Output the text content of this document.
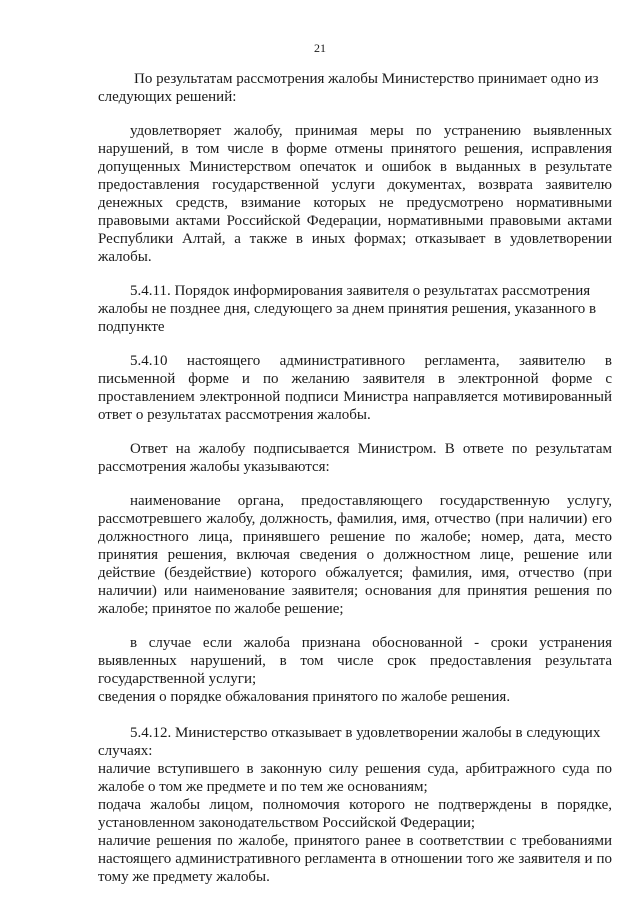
21

По результатам рассмотрения жалобы Министерство принимает одно из следующих решений:

удовлетворяет жалобу, принимая меры по устранению выявленных нарушений, в том числе в форме отмены принятого решения, исправления допущенных Министерством опечаток и ошибок в выданных в результате предоставления государственной услуги документах, возврата заявителю денежных средств, взимание которых не предусмотрено нормативными правовыми актами Российской Федерации, нормативными правовыми актами Республики Алтай, а также в иных формах; отказывает в удовлетворении жалобы.

5.4.11. Порядок информирования заявителя о результатах рассмотрения жалобы не позднее дня, следующего за днем принятия решения, указанного в подпункте

5.4.10 настоящего административного регламента, заявителю в письменной форме и по желанию заявителя в электронной форме с проставлением электронной подписи Министра направляется мотивированный ответ о результатах рассмотрения жалобы.

Ответ на жалобу подписывается Министром. В ответе по результатам рассмотрения жалобы указываются:

наименование органа, предоставляющего государственную услугу, рассмотревшего жалобу, должность, фамилия, имя, отчество (при наличии) его должностного лица, принявшего решение по жалобе; номер, дата, место принятия решения, включая сведения о должностном лице, решение или действие (бездействие) которого обжалуется; фамилия, имя, отчество (при наличии) или наименование заявителя; основания для принятия решения по жалобе; принятое по жалобе решение;

в случае если жалоба признана обоснованной - сроки устранения выявленных нарушений, в том числе срок предоставления результата государственной услуги;

сведения о порядке обжалования принятого по жалобе решения.

5.4.12. Министерство отказывает в удовлетворении жалобы в следующих случаях:

наличие вступившего в законную силу решения суда, арбитражного суда по жалобе о том же предмете и по тем же основаниям;

подача жалобы лицом, полномочия которого не подтверждены в порядке, установленном законодательством Российской Федерации;

наличие решения по жалобе, принятого ранее в соответствии с требованиями настоящего административного регламента в отношении того же заявителя и по тому же предмету жалобы.
